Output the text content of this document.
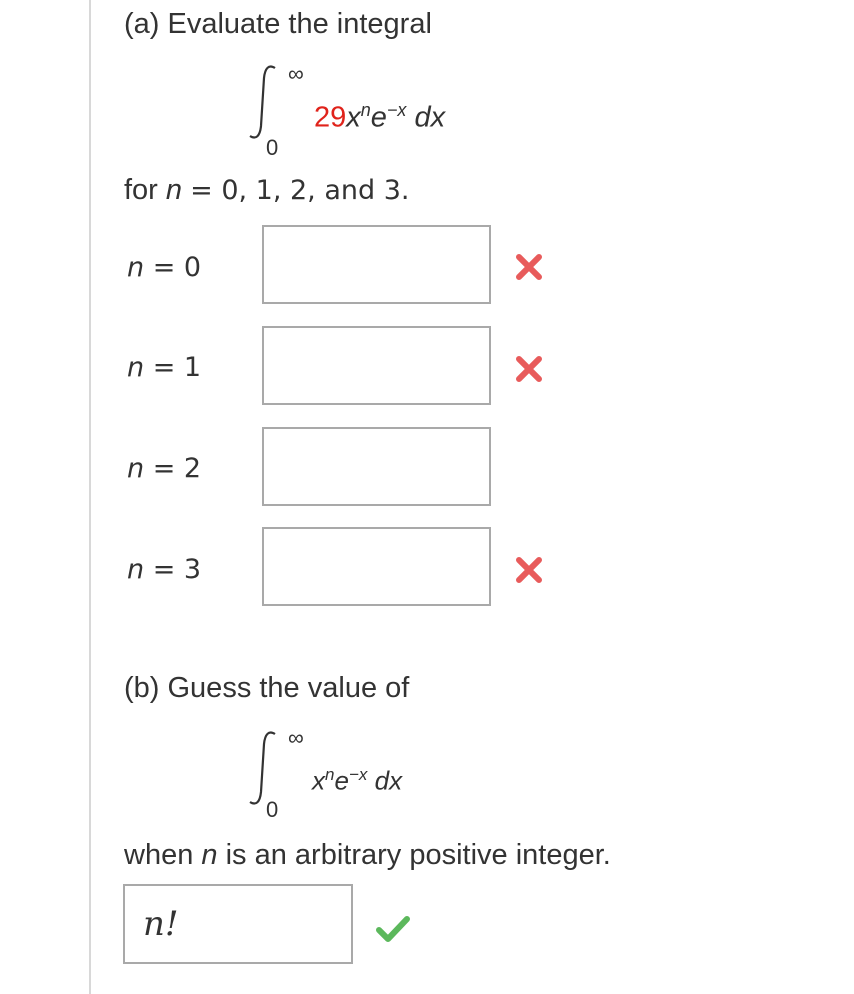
(a) Evaluate the integral
∞
0
$29x^ne^{-x}$ dx
for n = 0, 1, 2, and 3.
n = 0
n = 1
n = 2
n = 3
(b) Guess the value of
∞
0
$x^ne^{-x}$ dx
when n is an arbitrary positive integer.
n!
